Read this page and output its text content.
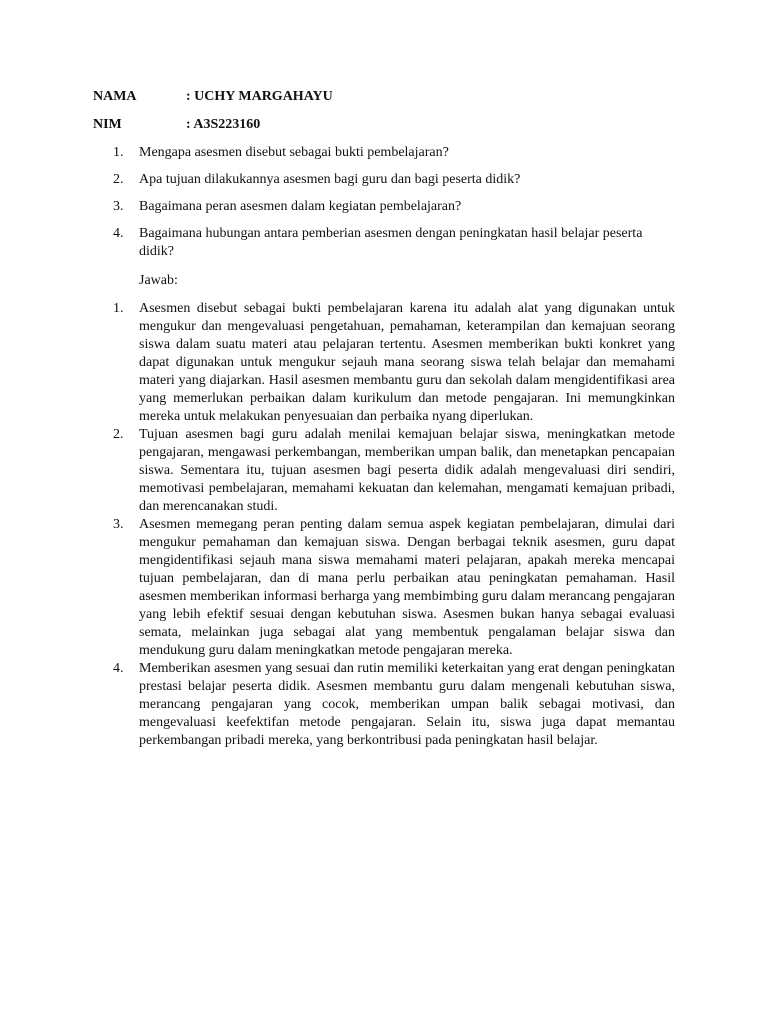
NAMA	: UCHY MARGAHAYU
NIM	: A3S223160
1.	Mengapa asesmen disebut sebagai bukti pembelajaran?
2.	Apa tujuan dilakukannya asesmen bagi guru dan bagi peserta didik?
3.	Bagaimana peran asesmen dalam kegiatan pembelajaran?
4.	Bagaimana hubungan antara pemberian asesmen dengan peningkatan hasil belajar peserta didik?
Jawab:
1.	Asesmen disebut sebagai bukti pembelajaran karena itu adalah alat yang digunakan untuk mengukur dan mengevaluasi pengetahuan, pemahaman, keterampilan dan kemajuan seorang siswa dalam suatu materi atau pelajaran tertentu. Asesmen memberikan bukti konkret yang dapat digunakan untuk mengukur sejauh mana seorang siswa telah belajar dan memahami materi yang diajarkan. Hasil asesmen membantu guru dan sekolah dalam mengidentifikasi area yang memerlukan perbaikan dalam kurikulum dan metode pengajaran. Ini memungkinkan mereka untuk melakukan penyesuaian dan perbaika nyang diperlukan.
2.	Tujuan asesmen bagi guru adalah menilai kemajuan belajar siswa, meningkatkan metode pengajaran, mengawasi perkembangan, memberikan umpan balik, dan menetapkan pencapaian siswa. Sementara itu, tujuan asesmen bagi peserta didik adalah mengevaluasi diri sendiri, memotivasi pembelajaran, memahami kekuatan dan kelemahan, mengamati kemajuan pribadi, dan merencanakan studi.
3.	Asesmen memegang peran penting dalam semua aspek kegiatan pembelajaran, dimulai dari mengukur pemahaman dan kemajuan siswa. Dengan berbagai teknik asesmen, guru dapat mengidentifikasi sejauh mana siswa memahami materi pelajaran, apakah mereka mencapai tujuan pembelajaran, dan di mana perlu perbaikan atau peningkatan pemahaman. Hasil asesmen memberikan informasi berharga yang membimbing guru dalam merancang pengajaran yang lebih efektif sesuai dengan kebutuhan siswa. Asesmen bukan hanya sebagai evaluasi semata, melainkan juga sebagai alat yang membentuk pengalaman belajar siswa dan mendukung guru dalam meningkatkan metode pengajaran mereka.
4.	Memberikan asesmen yang sesuai dan rutin memiliki keterkaitan yang erat dengan peningkatan prestasi belajar peserta didik. Asesmen membantu guru dalam mengenali kebutuhan siswa, merancang pengajaran yang cocok, memberikan umpan balik sebagai motivasi, dan mengevaluasi keefektifan metode pengajaran. Selain itu, siswa juga dapat memantau perkembangan pribadi mereka, yang berkontribusi pada peningkatan hasil belajar.
